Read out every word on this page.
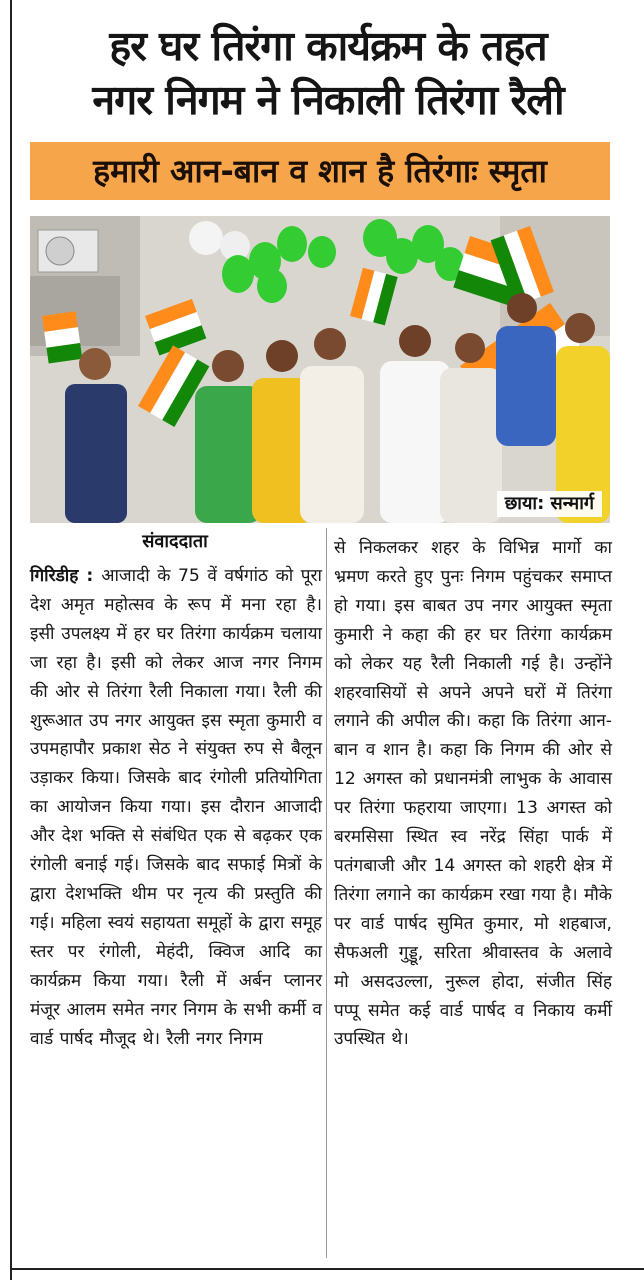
हर घर तिरंगा कार्यक्रम के तहत
नगर निगम ने निकाली तिरंगा रैली
हमारी आन-बान व शान है तिरंगाः स्मृता
छाया: सन्मार्ग
संवाददाता
गिरिडीह : आजादी के 75 वें वर्षगांठ को पूरा देश अमृत महोत्सव के रूप में मना रहा है। इसी उपलक्ष्य में हर घर तिरंगा कार्यक्रम चलाया जा रहा है। इसी को लेकर आज नगर निगम की ओर से तिरंगा रैली निकाला गया। रैली की शुरूआत उप नगर आयुक्त इस स्मृता कुमारी व उपमहापौर प्रकाश सेठ ने संयुक्त रुप से बैलून उड़ाकर किया। जिसके बाद रंगोली प्रतियोगिता का आयोजन किया गया। इस दौरान आजादी और देश भक्ति से संबंधित एक से बढ़कर एक रंगोली बनाई गई। जिसके बाद सफाई मित्रों के द्वारा देशभक्ति थीम पर नृत्य की प्रस्तुति की गई। महिला स्वयं सहायता समूहों के द्वारा समूह स्तर पर रंगोली, मेहंदी, क्विज आदि का कार्यक्रम किया गया। रैली में अर्बन प्लानर मंजूर आलम समेत नगर निगम के सभी कर्मी व वार्ड पार्षद मौजूद थे। रैली नगर निगम
से निकलकर शहर के विभिन्न मार्गो का भ्रमण करते हुए पुनः निगम पहुंचकर समाप्त हो गया। इस बाबत उप नगर आयुक्त स्मृता कुमारी ने कहा की हर घर तिरंगा कार्यक्रम को लेकर यह रैली निकाली गई है। उन्होंने शहरवासियों से अपने अपने घरों में तिरंगा लगाने की अपील की। कहा कि तिरंगा आन-बान व शान है। कहा कि निगम की ओर से 12 अगस्त को प्रधानमंत्री लाभुक के आवास पर तिरंगा फहराया जाएगा। 13 अगस्त को बरमसिसा स्थित स्व नरेंद्र सिंहा पार्क में पतंगबाजी और 14 अगस्त को शहरी क्षेत्र में तिरंगा लगाने का कार्यक्रम रखा गया है। मौके पर वार्ड पार्षद सुमित कुमार, मो शहबाज, सैफअली गुड्डू, सरिता श्रीवास्तव के अलावे मो असदउल्ला, नुरूल होदा, संजीत सिंह पप्पू समेत कई वार्ड पार्षद व निकाय कर्मी उपस्थित थे।
